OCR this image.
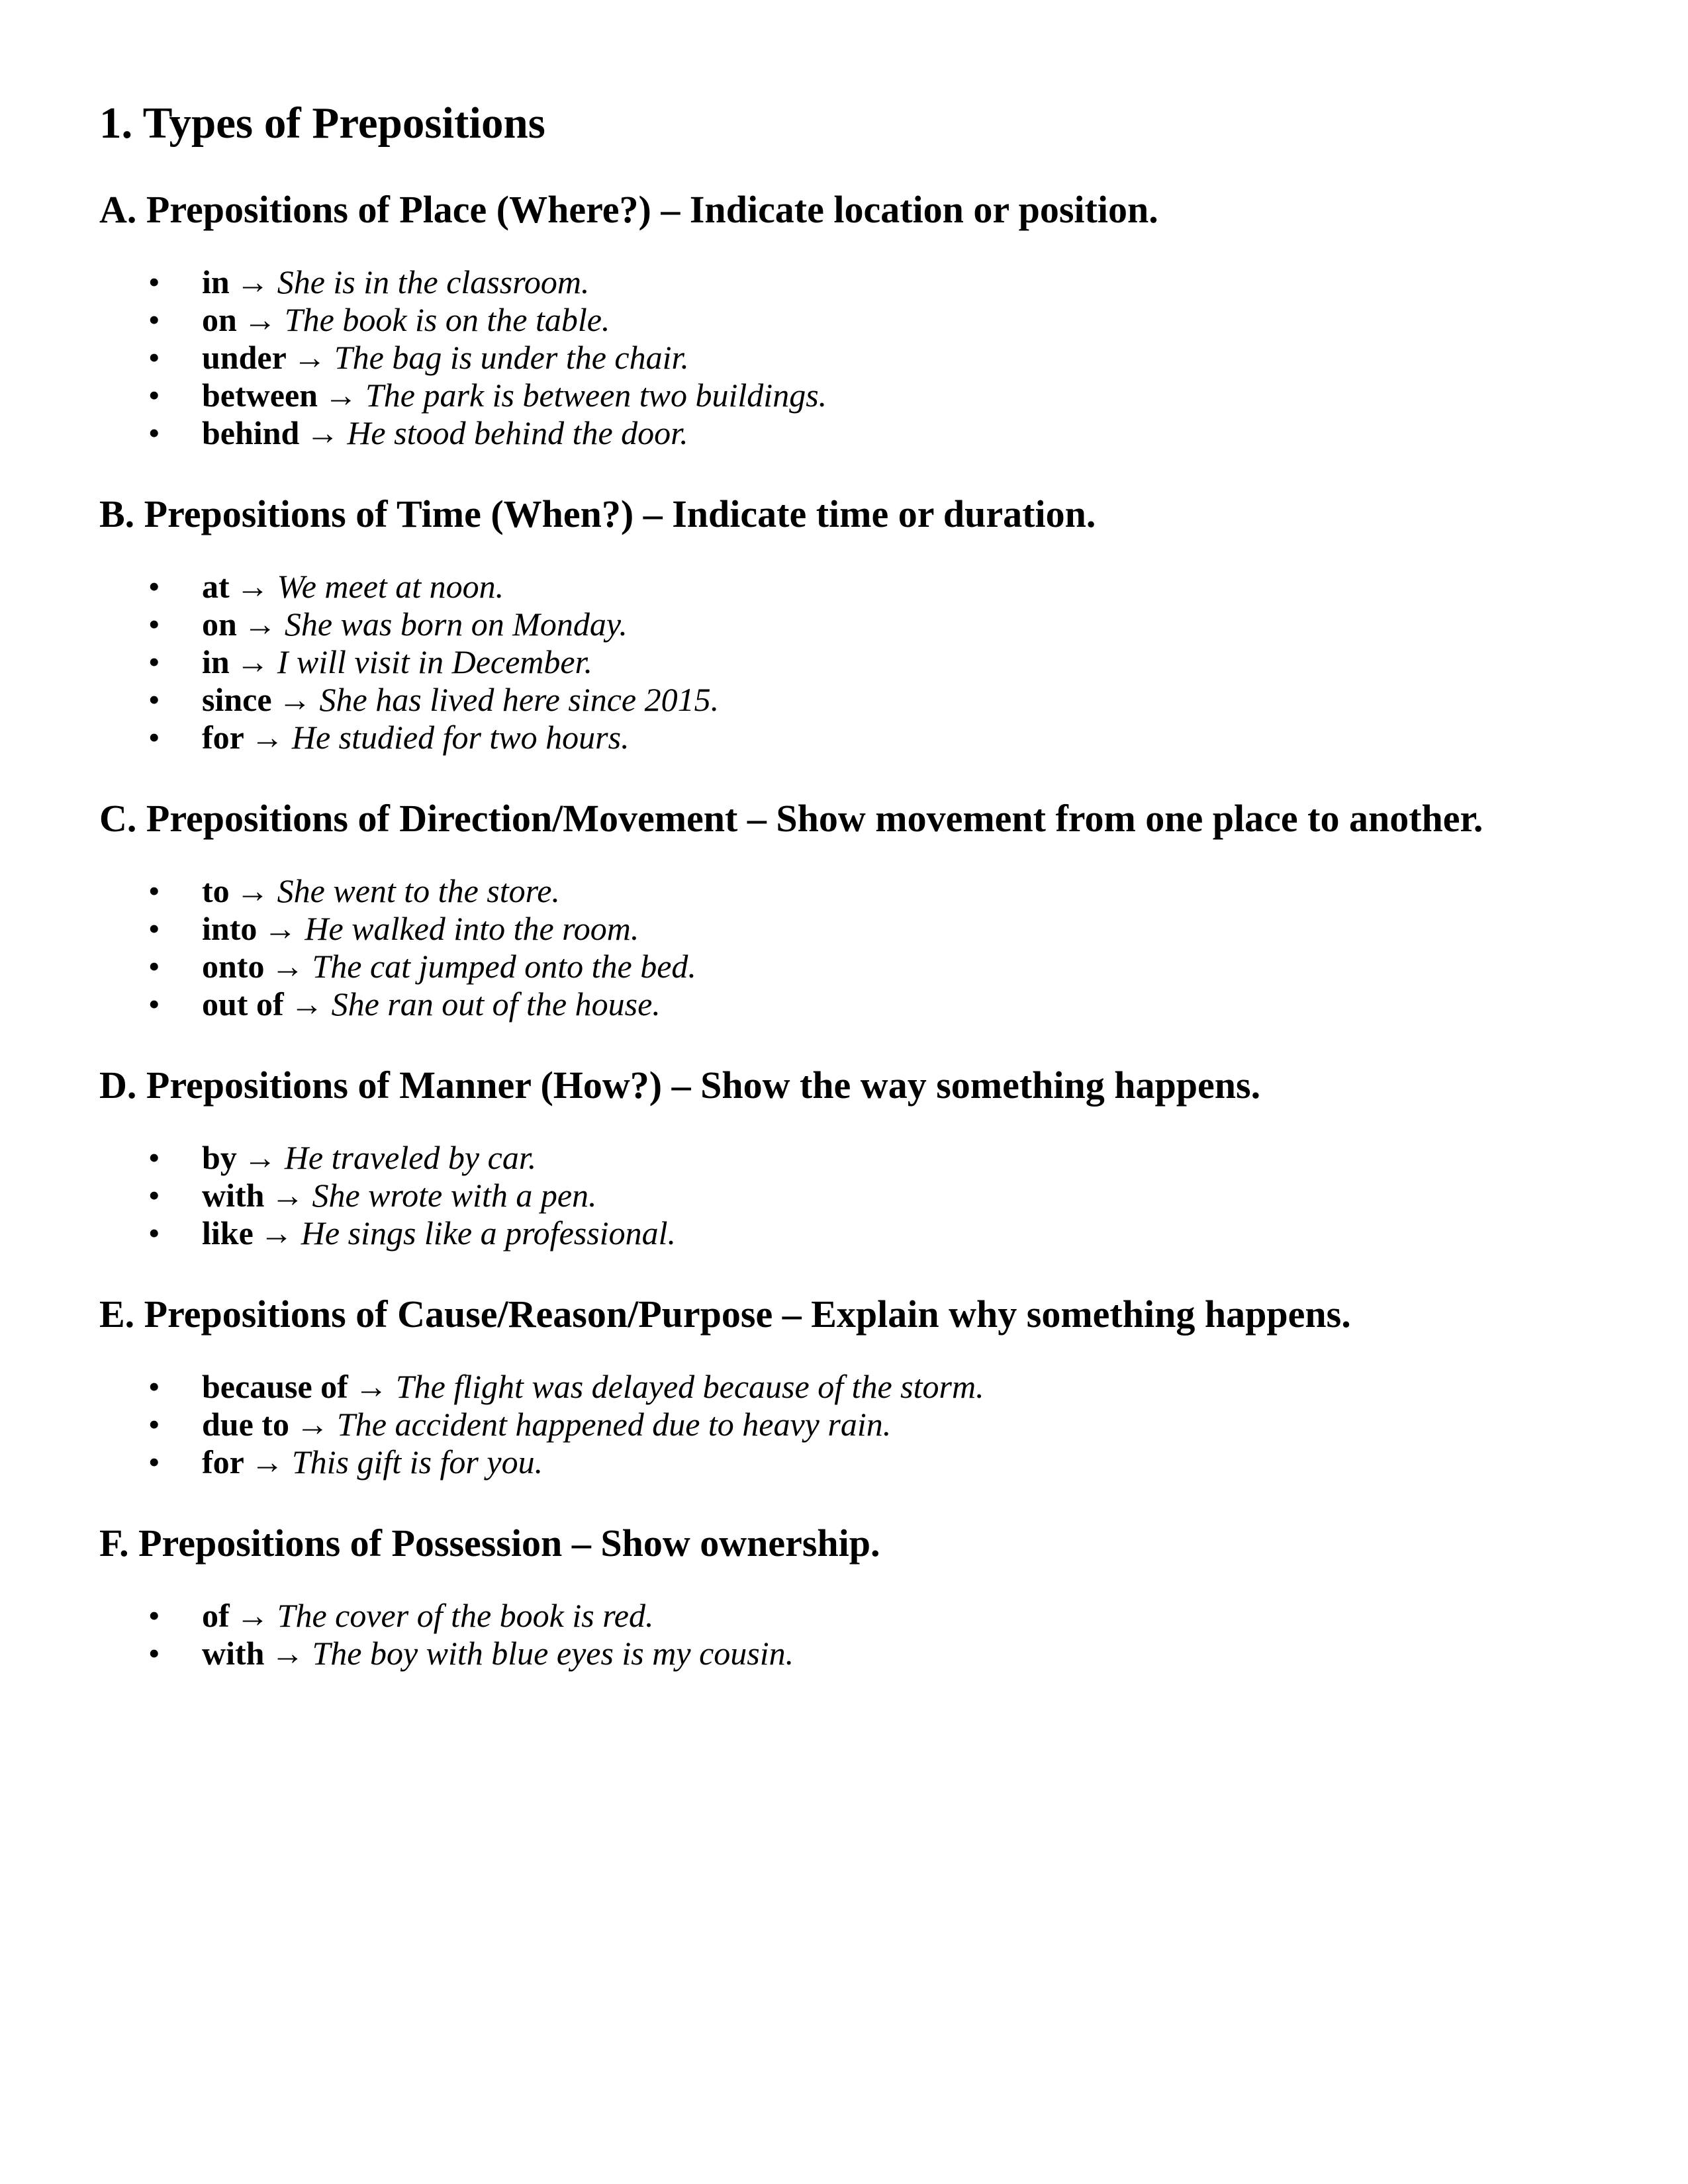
1. Types of Prepositions
A. Prepositions of Place (Where?) – Indicate location or position.
• in → She is in the classroom.
• on → The book is on the table.
• under → The bag is under the chair.
• between → The park is between two buildings.
• behind → He stood behind the door.
B. Prepositions of Time (When?) – Indicate time or duration.
• at → We meet at noon.
• on → She was born on Monday.
• in → I will visit in December.
• since → She has lived here since 2015.
• for → He studied for two hours.
C. Prepositions of Direction/Movement – Show movement from one place to another.
• to → She went to the store.
• into → He walked into the room.
• onto → The cat jumped onto the bed.
• out of → She ran out of the house.
D. Prepositions of Manner (How?) – Show the way something happens.
• by → He traveled by car.
• with → She wrote with a pen.
• like → He sings like a professional.
E. Prepositions of Cause/Reason/Purpose – Explain why something happens.
• because of → The flight was delayed because of the storm.
• due to → The accident happened due to heavy rain.
• for → This gift is for you.
F. Prepositions of Possession – Show ownership.
• of → The cover of the book is red.
• with → The boy with blue eyes is my cousin.
